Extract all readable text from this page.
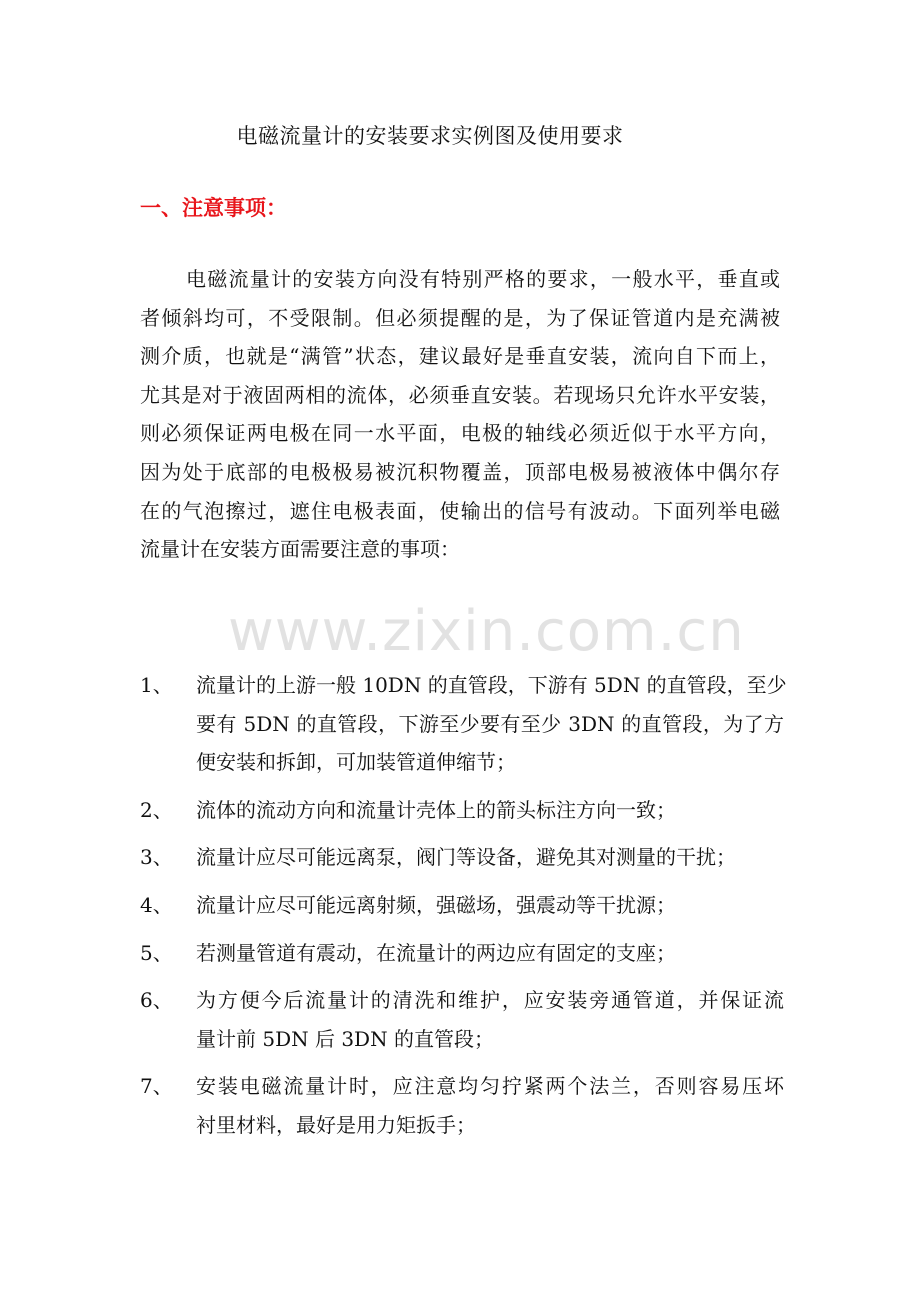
电磁流量计的安装要求实例图及使用要求
一、注意事项：
电磁流量计的安装方向没有特别严格的要求，一般水平，垂直或
者倾斜均可，不受限制。但必须提醒的是，为了保证管道内是充满被
测介质，也就是“满管”状态，建议最好是垂直安装，流向自下而上，
尤其是对于液固两相的流体，必须垂直安装。若现场只允许水平安装，
则必须保证两电极在同一水平面，电极的轴线必须近似于水平方向，
因为处于底部的电极极易被沉积物覆盖，顶部电极易被液体中偶尔存
在的气泡擦过，遮住电极表面，使输出的信号有波动。下面列举电磁
流量计在安装方面需要注意的事项：
1、	流量计的上游一般 10DN 的直管段，下游有 5DN 的直管段，至少
要有 5DN 的直管段，下游至少要有至少 3DN 的直管段，为了方
便安装和拆卸，可加装管道伸缩节；
2、	流体的流动方向和流量计壳体上的箭头标注方向一致；
3、	流量计应尽可能远离泵，阀门等设备，避免其对测量的干扰；
4、	流量计应尽可能远离射频，强磁场，强震动等干扰源；
5、	若测量管道有震动，在流量计的两边应有固定的支座；
6、	为方便今后流量计的清洗和维护，应安装旁通管道，并保证流
量计前 5DN 后 3DN 的直管段；
7、	安装电磁流量计时，应注意均匀拧紧两个法兰，否则容易压坏
衬里材料，最好是用力矩扳手；
www.zixin.com.cn
